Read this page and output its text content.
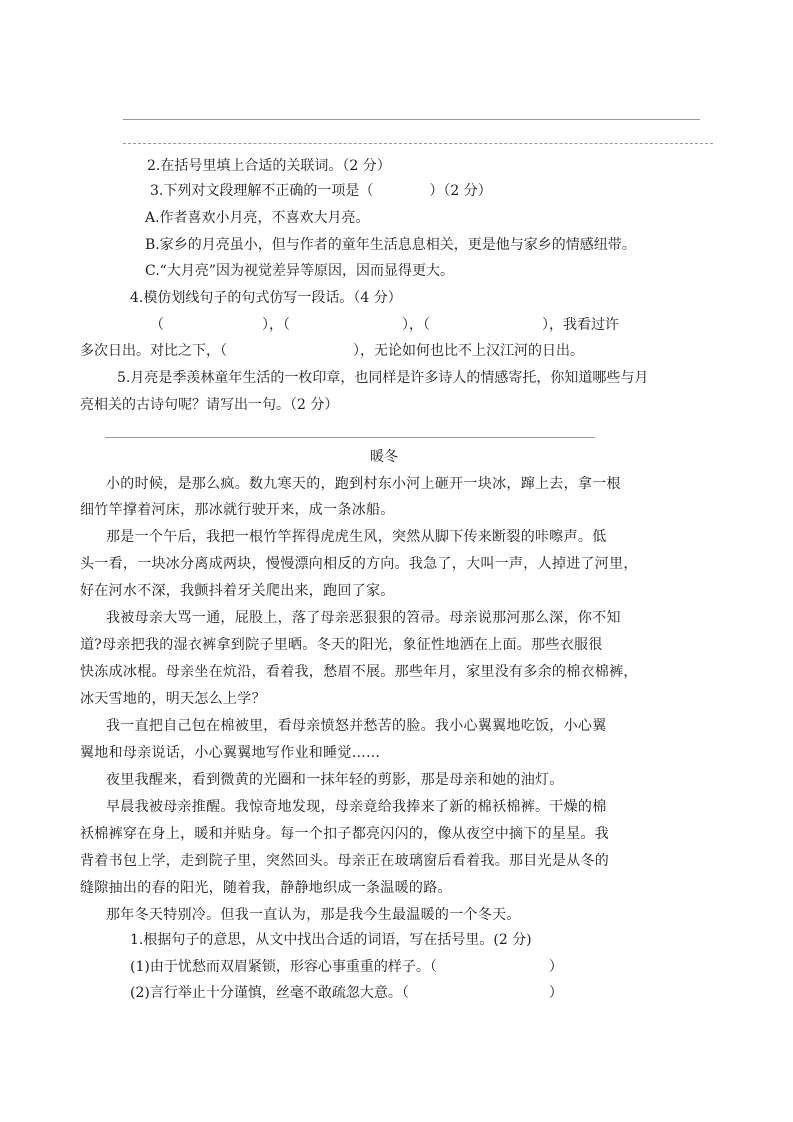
2.在括号里填上合适的关联词。（2 分）
3.下列对文段理解不正确的一项是（　　　　）（2 分）
A.作者喜欢小月亮，不喜欢大月亮。
B.家乡的月亮虽小，但与作者的童年生活息息相关，更是他与家乡的情感纽带。
C.“大月亮”因为视觉差异等原因，因而显得更大。
4.模仿划线句子的句式仿写一段话。（4 分）
（　　　　　　　），（　　　　　　　　），（　　　　　　　　），我看过许
多次日出。对比之下，（　　　　　　　　　），无论如何也比不上汉江河的日出。
5.月亮是季羡林童年生活的一枚印章，也同样是许多诗人的情感寄托，你知道哪些与月
亮相关的古诗句呢？请写出一句。（2 分）
暖冬
小的时候，是那么疯。数九寒天的，跑到村东小河上砸开一块冰，蹿上去，拿一根
细竹竿撑着河床，那冰就行驶开来，成一条冰船。
那是一个午后，我把一根竹竿挥得虎虎生风，突然从脚下传来断裂的咔嚓声。低
头一看，一块冰分离成两块，慢慢漂向相反的方向。我急了，大叫一声，人掉进了河里，
好在河水不深，我颤抖着牙关爬出来，跑回了家。
我被母亲大骂一通，屁股上，落了母亲恶狠狠的笤帚。母亲说那河那么深，你不知
道?母亲把我的湿衣裤拿到院子里晒。冬天的阳光，象征性地洒在上面。那些衣服很
快冻成冰棍。母亲坐在炕沿，看着我，愁眉不展。那些年月，家里没有多余的棉衣棉裤，
冰天雪地的，明天怎么上学？
我一直把自己包在棉被里，看母亲愤怒并愁苦的脸。我小心翼翼地吃饭，小心翼
翼地和母亲说话，小心翼翼地写作业和睡觉……
夜里我醒来，看到微黄的光圈和一抹年轻的剪影，那是母亲和她的油灯。
早晨我被母亲推醒。我惊奇地发现，母亲竟给我捧来了新的棉袄棉裤。干燥的棉
袄棉裤穿在身上，暖和并贴身。每一个扣子都亮闪闪的，像从夜空中摘下的星星。我
背着书包上学，走到院子里，突然回头。母亲正在玻璃窗后看着我。那目光是从冬的
缝隙抽出的春的阳光，随着我，静静地织成一条温暖的路。
那年冬天特别冷。但我一直认为，那是我今生最温暖的一个冬天。
1.根据句子的意思，从文中找出合适的词语，写在括号里。(2 分)
(1)由于忧愁而双眉紧锁，形容心事重重的样子。（　　　　　　　　）
(2)言行举止十分谨慎，丝毫不敢疏忽大意。（　　　　　　　　　　）
